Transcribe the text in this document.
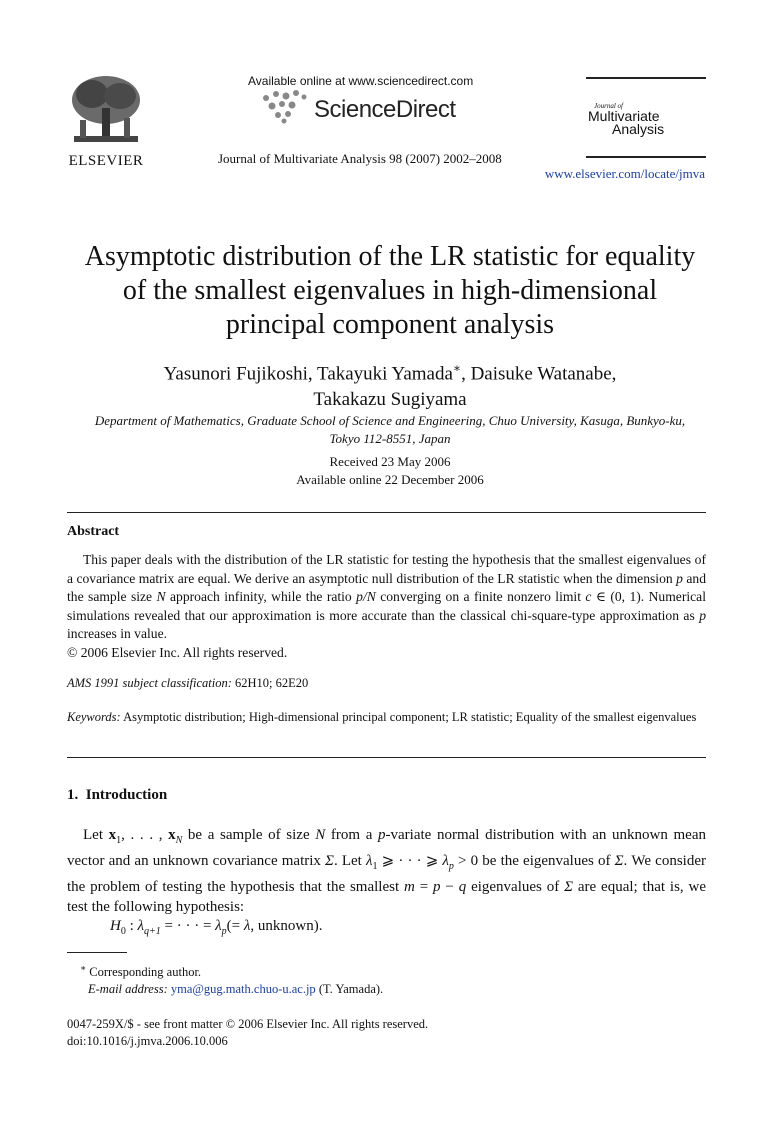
ELSEVIER
Available online at www.sciencedirect.com
ScienceDirect
Journal of Multivariate Analysis 98 (2007) 2002–2008
Journal of
Multivariate
Analysis
www.elsevier.com/locate/jmva
Asymptotic distribution of the LR statistic for equality
of the smallest eigenvalues in high-dimensional
principal component analysis
Yasunori Fujikoshi, Takayuki Yamada∗, Daisuke Watanabe,
Takakazu Sugiyama
Department of Mathematics, Graduate School of Science and Engineering, Chuo University, Kasuga, Bunkyo-ku,
Tokyo 112-8551, Japan
Received 23 May 2006
Available online 22 December 2006
Abstract

This paper deals with the distribution of the LR statistic for testing the hypothesis that the smallest eigenvalues of a covariance matrix are equal. We derive an asymptotic null distribution of the LR statistic when the dimension p and the sample size N approach infinity, while the ratio p/N converging on a finite nonzero limit c ∈ (0, 1). Numerical simulations revealed that our approximation is more accurate than the classical chi-square-type approximation as p increases in value.

© 2006 Elsevier Inc. All rights reserved.

AMS 1991 subject classification: 62H10; 62E20
Keywords: Asymptotic distribution; High-dimensional principal component; LR statistic; Equality of the smallest eigenvalues
1.  Introduction

Let $x_1$, . . . , $x_N$ be a sample of size N from a p-variate normal distribution with an unknown mean vector and an unknown covariance matrix Σ. Let $\lambda_1$ ⩾ · · · ⩾ $\lambda_p > 0$ be the eigenvalues of Σ. We consider the problem of testing the hypothesis that the smallest m = p − q eigenvalues of Σ are equal; that is, we test the following hypothesis:

$H_0$ : $\lambda_{q+1}$ = · · · = $\lambda_p(= \lambda$, unknown).
∗ Corresponding author.
E-mail address: yma@gug.math.chuo-u.ac.jp (T. Yamada).
0047-259X/$ - see front matter © 2006 Elsevier Inc. All rights reserved.
doi:10.1016/j.jmva.2006.10.006
